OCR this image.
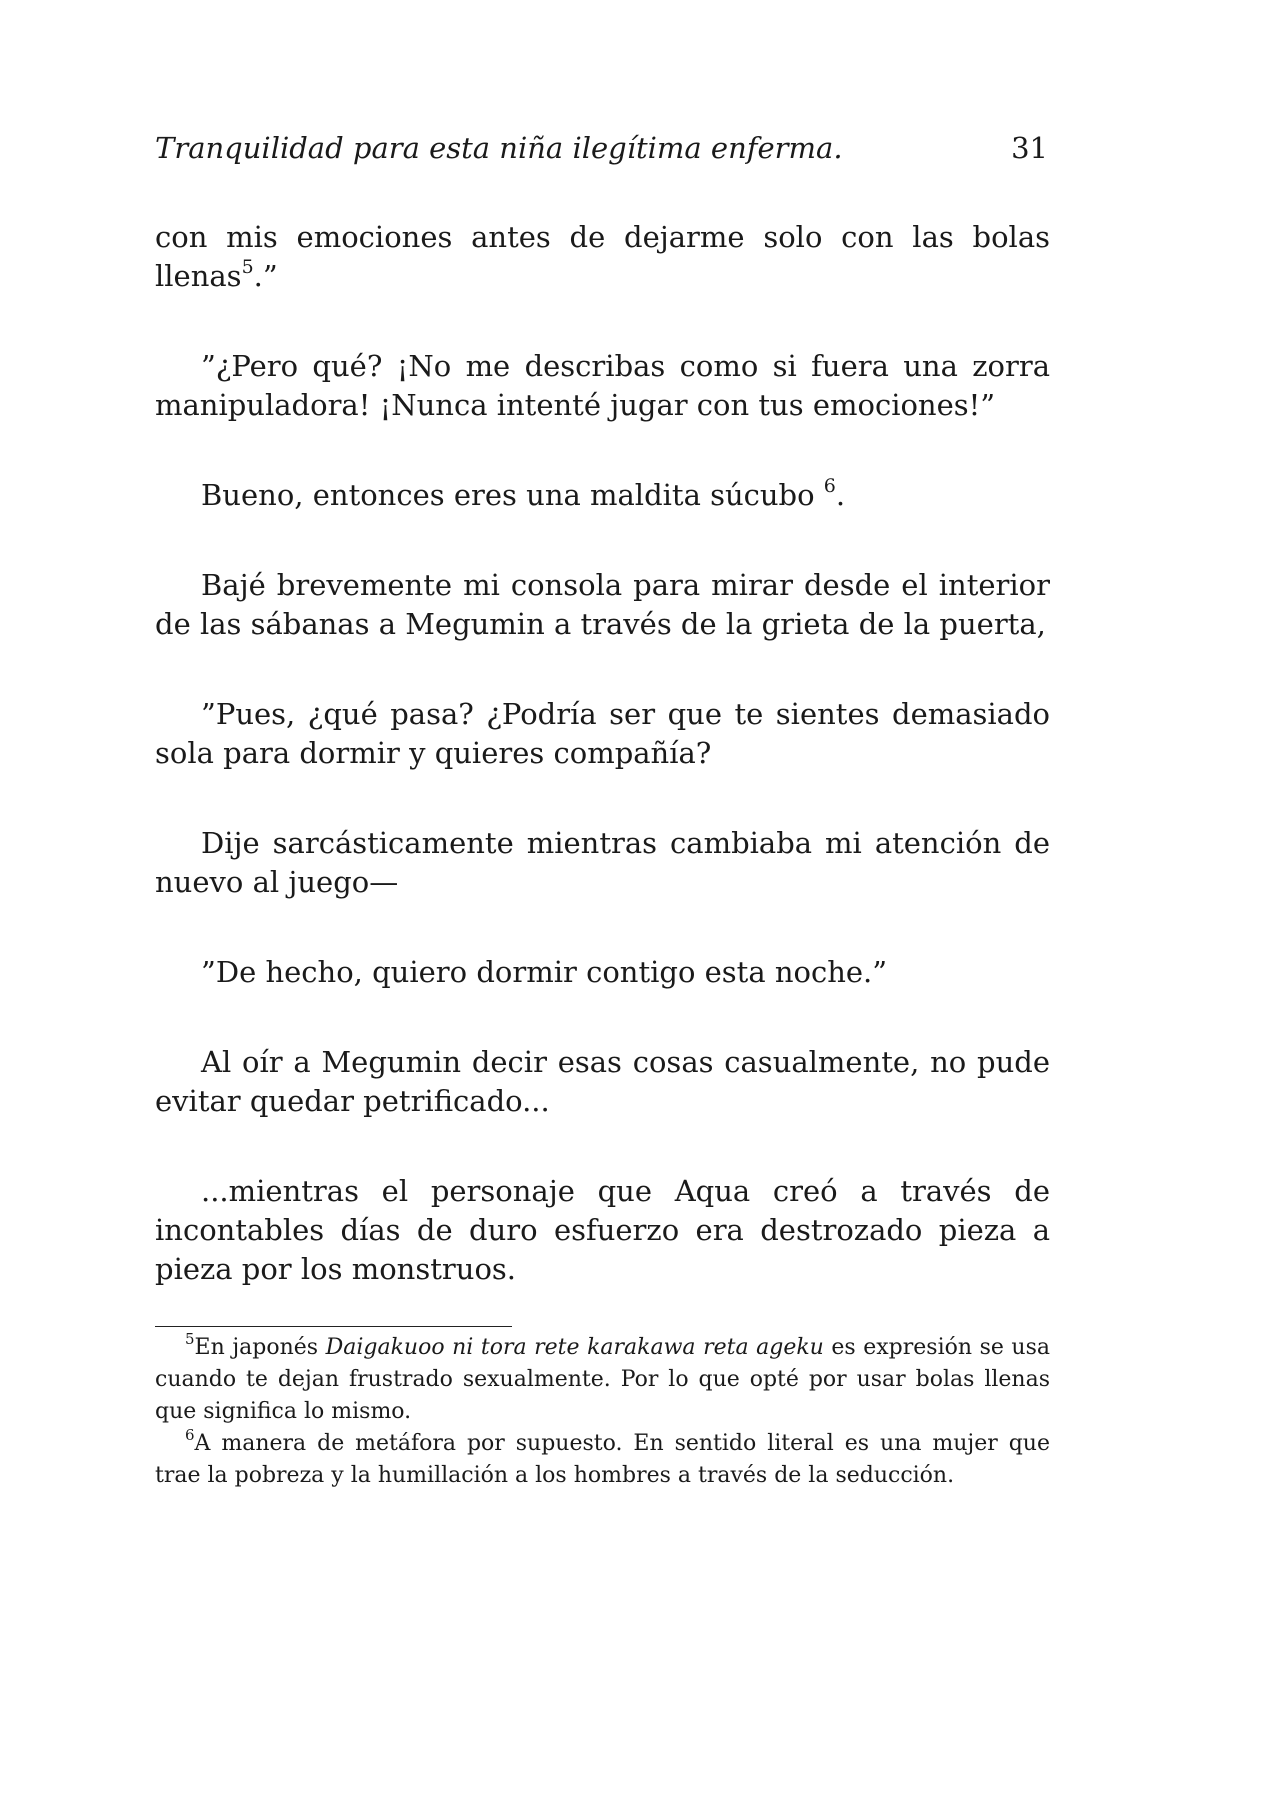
Tranquilidad para esta niña ilegítima enferma.	31

con mis emociones antes de dejarme solo con las bolas llenas$^5$.”

”¿Pero qué? ¡No me describas como si fuera una zorra manipuladora! ¡Nunca intenté jugar con tus emociones!”

Bueno, entonces eres una maldita súcubo $^6$.

Bajé brevemente mi consola para mirar desde el interior de las sábanas a Megumin a través de la grieta de la puerta,

”Pues, ¿qué pasa? ¿Podría ser que te sientes demasiado sola para dormir y quieres compañía?

Dije sarcásticamente mientras cambiaba mi atención de nuevo al juego—

”De hecho, quiero dormir contigo esta noche.”

Al oír a Megumin decir esas cosas casualmente, no pude evitar quedar petrificado...

...mientras el personaje que Aqua creó a través de incontables días de duro esfuerzo era destrozado pieza a pieza por los monstruos.

$^5$En japonés Daigakuoo ni tora rete karakawa reta ageku es expresión se usa cuando te dejan frustrado sexualmente. Por lo que opté por usar bolas llenas que significa lo mismo.

$^6$A manera de metáfora por supuesto. En sentido literal es una mujer que trae la pobreza y la humillación a los hombres a través de la seducción.
